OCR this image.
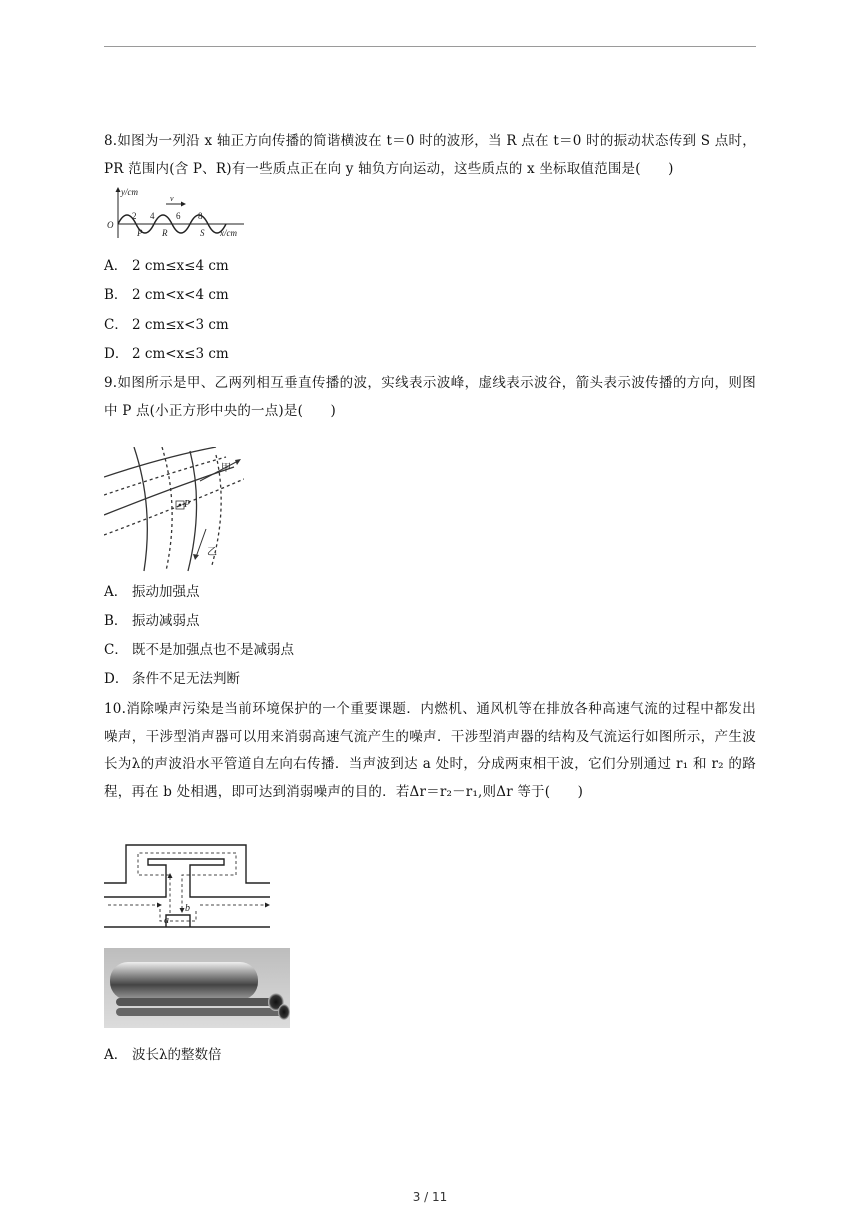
8.如图为一列沿 x 轴正方向传播的简谐横波在 t＝0 时的波形，当 R 点在 t＝0 时的振动状态传到 S 点时，PR 范围内(含 P、R)有一些质点正在向 y 轴负方向运动，这些质点的 x 坐标取值范围是(　　)
v
y/cm
O
2 4 6 8
P R	S x/cm
A． 2 cm≤x≤4 cm
B． 2 cm<x<4 cm
C． 2 cm≤x<3 cm
D． 2 cm<x≤3 cm
9.如图所示是甲、乙两列相互垂直传播的波，实线表示波峰，虚线表示波谷，箭头表示波传播的方向，则图中 P 点(小正方形中央的一点)是(　　)
P
甲
乙
A． 振动加强点
B． 振动减弱点
C． 既不是加强点也不是减弱点
D． 条件不足无法判断
10.消除噪声污染是当前环境保护的一个重要课题．内燃机、通风机等在排放各种高速气流的过程中都发出噪声，干涉型消声器可以用来消弱高速气流产生的噪声．干涉型消声器的结构及气流运行如图所示，产生波长为λ的声波沿水平管道自左向右传播．当声波到达 a 处时，分成两束相干波，它们分别通过 r₁ 和 r₂ 的路程，再在 b 处相遇，即可达到消弱噪声的目的．若Δr＝r₂－r₁,则Δr 等于(　　)
a
b
A． 波长λ的整数倍
3 / 11
